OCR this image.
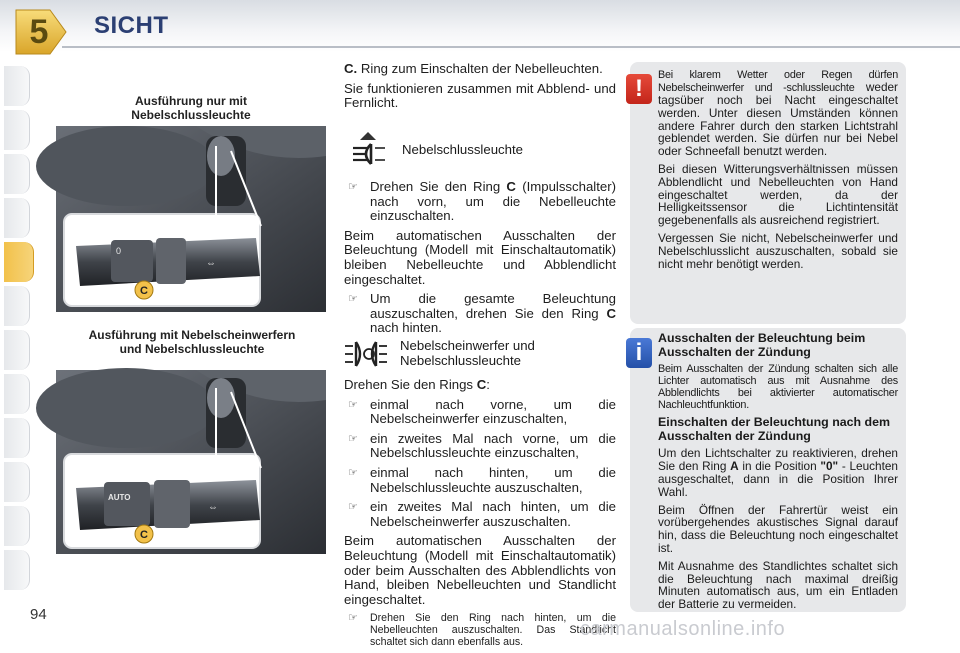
5	SICHT
Ausführung nur mit
Nebelschlussleuchte
0
⇔
C
Ausführung mit Nebelscheinwerfern
und Nebelschlussleuchte
AUTO
⇔
C
94

C. Ring zum Einschalten der Nebelleuchten.

Sie funktionieren zusammen mit Abblend- und Fernlicht.

Nebelschlussleuchte
☞ Drehen Sie den Ring C (Impulsschalter) nach vorn, um die Nebelleuchte einzuschalten.

Beim automatischen Ausschalten der Beleuchtung (Modell mit Einschaltautomatik) bleiben Nebelleuchte und Abblendlicht eingeschaltet.

☞ Um die gesamte Beleuchtung auszuschalten, drehen Sie den Ring C nach hinten.
Nebelscheinwerfer und Nebelschlussleuchte

Drehen Sie den Rings C:

☞ einmal nach vorne, um die Nebelscheinwerfer einzuschalten,
☞ ein zweites Mal nach vorne, um die Nebelschlussleuchte einzuschalten,
☞ einmal nach hinten, um die Nebelschlussleuchte auszuschalten,
☞ ein zweites Mal nach hinten, um die Nebelscheinwerfer auszuschalten.

Beim automatischen Ausschalten der Beleuchtung (Modell mit Einschaltautomatik) oder beim Ausschalten des Abblendlichts von Hand, bleiben Nebelleuchten und Standlicht eingeschaltet.

☞ Drehen Sie den Ring nach hinten, um die Nebelleuchten auszuschalten. Das Standlicht schaltet sich dann ebenfalls aus.
!	Bei klarem Wetter oder Regen dürfen Nebelscheinwerfer und -schlussleuchte weder tagsüber noch bei Nacht eingeschaltet werden. Unter diesen Umständen können andere Fahrer durch den starken Lichtstrahl geblendet werden. Sie dürfen nur bei Nebel oder Schneefall benutzt werden.

Bei diesen Witterungsverhältnissen müssen Abblendlicht und Nebelleuchten von Hand eingeschaltet werden, da der Helligkeitssensor die Lichtintensität gegebenenfalls als ausreichend registriert.

Vergessen Sie nicht, Nebelscheinwerfer und Nebelschlusslicht auszuschalten, sobald sie nicht mehr benötigt werden.

i

Ausschalten der Beleuchtung beim Ausschalten der Zündung

Beim Ausschalten der Zündung schalten sich alle Lichter automatisch aus mit Ausnahme des Abblendlichts bei aktivierter automatischer Nachleuchtfunktion.

Einschalten der Beleuchtung nach dem Ausschalten der Zündung

Um den Lichtschalter zu reaktivieren, drehen Sie den Ring A in die Position "0" - Leuchten ausgeschaltet, dann in die Position Ihrer Wahl.

Beim Öffnen der Fahrertür weist ein vorübergehendes akustisches Signal darauf hin, dass die Beleuchtung noch eingeschaltet ist.

Mit Ausnahme des Standlichtes schaltet sich die Beleuchtung nach maximal dreißig Minuten automatisch aus, um ein Entladen der Batterie zu vermeiden.

carmanualsonline.info
